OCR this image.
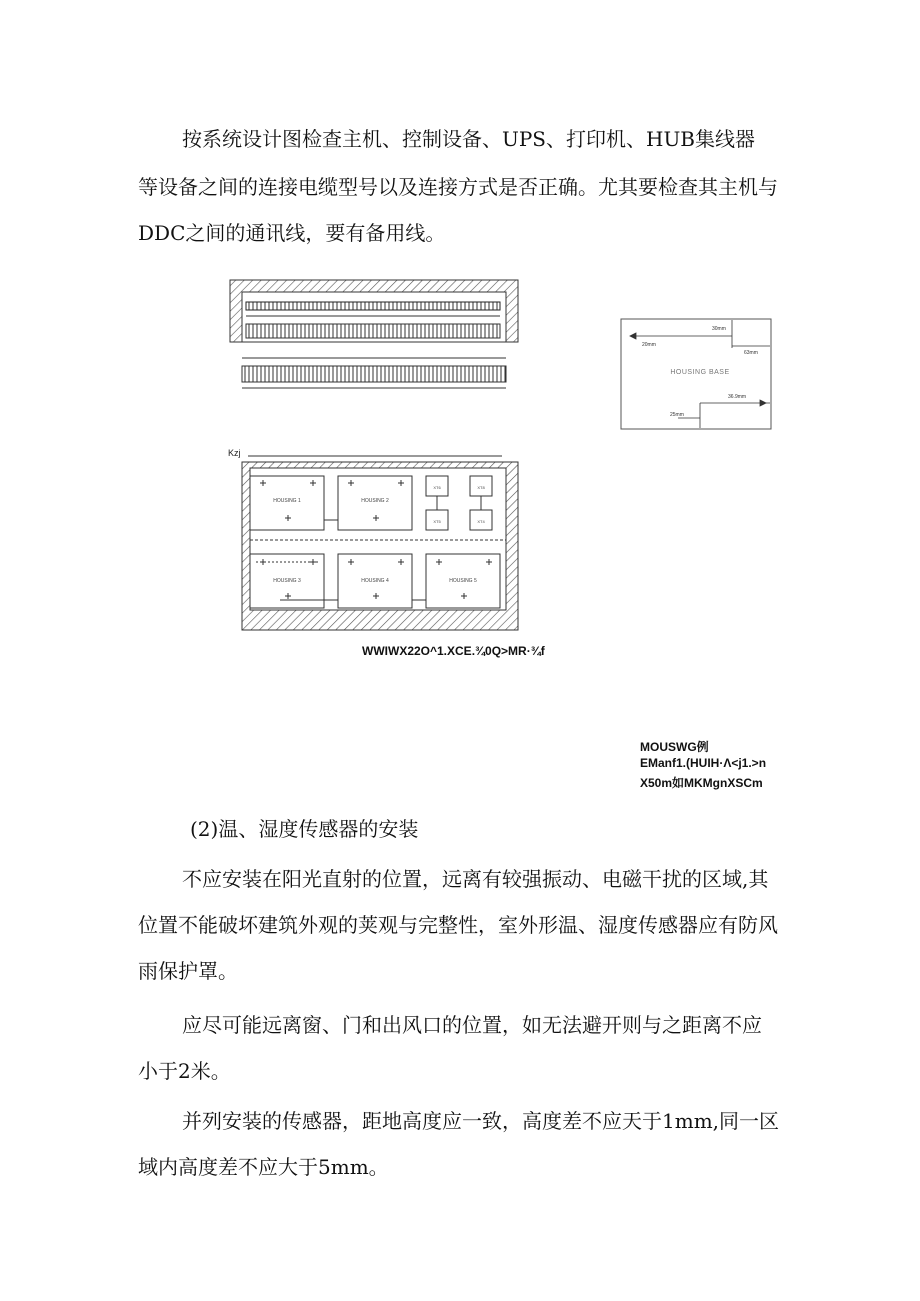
按系统设计图检查主机、控制设备、UPS、打印机、HUB集线器

等设备之间的连接电缆型号以及连接方式是否正确。尤其要检查其主机与

DDC之间的通讯线，要有备用线。

Kzj
HOUSING 1	HOUSING 2
XT6	XT8
XT5	XT4
HOUSING 3	HOUSING 4	HOUSING 5
WWIWX22O^1.XCE.¾0Q>MR·¾f
HOUSING BASE
30mm
20mm
63mm
36.9mm
25mm
MOUSWG例
EManf1.(HUIH·Λ<j1.>n
X50m如MKMgnXSCm

(2)温、湿度传感器的安装

不应安装在阳光直射的位置，远离有较强振动、电磁干扰的区域,其

位置不能破坏建筑外观的荚观与完整性，室外形温、湿度传感器应有防风

雨保护罩。

应尽可能远离窗、门和出风口的位置，如无法避开则与之距离不应

小于2米。

并列安装的传感器，距地高度应一致，高度差不应天于1mm,同一区

域内高度差不应大于5mm。
